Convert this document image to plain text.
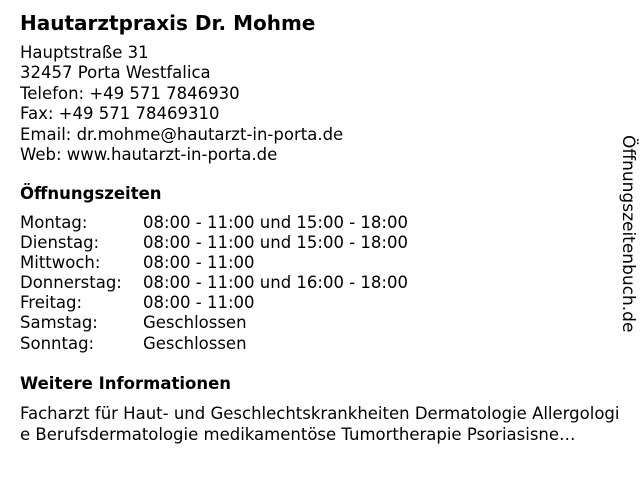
Hautarztpraxis Dr. Mohme
Hauptstraße 31
32457 Porta Westfalica
Telefon: +49 571 7846930
Fax: +49 571 78469310
Email: dr.mohme@hautarzt-in-porta.de
Web: www.hautarzt-in-porta.de
Öffnungszeiten
Montag:	08:00 - 11:00 und 15:00 - 18:00
Dienstag:	08:00 - 11:00 und 15:00 - 18:00
Mittwoch:	08:00 - 11:00
Donnerstag:	08:00 - 11:00 und 16:00 - 18:00
Freitag:	08:00 - 11:00
Samstag:	Geschlossen
Sonntag:	Geschlossen
Weitere Informationen
Facharzt für Haut- und Geschlechtskrankheiten Dermatologie Allergologie Berufsdermatologie medikamentöse Tumortherapie Psoriasisne…
Öffnungszeitenbuch.de
